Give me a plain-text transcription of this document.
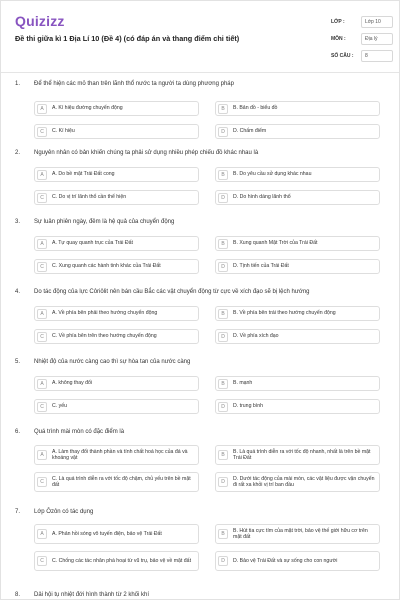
Quizizz
Đề thi giữa kì 1 Địa Lí 10 (Đề 4) (có đáp án và thang điểm chi tiết)
LỚP :	Lớp 10
MÔN :	Địa lý
SỐ CÂU :	8
1. Để thể hiện các mỏ than trên lãnh thổ nước ta người ta dùng phương pháp
A	A. Kí hiệu đường chuyển động	B	B. Bản đồ - biểu đồ
C	C. Kí hiệu	D	D. Chấm điểm
2. Nguyên nhân có bản khiến chúng ta phải sử dụng nhiều phép chiếu đồ khác nhau là
A	A. Do bề mặt Trái Đất cong	B	B. Do yêu cầu sử dụng khác nhau
C	C. Do vị trí lãnh thổ cần thể hiện	D	D. Do hình dáng lãnh thổ
3. Sự luân phiên ngày, đêm là hệ quả của chuyển động
A	A. Tự quay quanh trục của Trái Đất	B	B. Xung quanh Mặt Trời của Trái Đất
C	C. Xung quanh các hành tinh khác của Trái Đất	D	D. Tịnh tiến của Trái Đất
4. Do tác động của lực Côriôlit nên bán cầu Bắc các vật chuyển động từ cực về xích đạo sẽ bị lệch hướng
A	A. Về phía bên phải theo hướng chuyển động	B	B. Về phía bên trái theo hướng chuyển động
C	C. Về phía bên trên theo hướng chuyển động	D	D. Về phía xích đạo
5. Nhiệt độ của nước càng cao thì sự hòa tan của nước càng
A	A. không thay đổi	B	B. mạnh
C	C. yếu	D	D. trung bình
6. Quá trình mài mòn có đặc điểm là
A
A. Làm thay đổi thành phần và tính chất hoá học của đá và khoáng vật	B
B. Là quá trình diễn ra với tốc độ nhanh, nhất là trên bề mặt Trái Đất
C
C. Là quá trình diễn ra với tốc độ chậm, chủ yếu trên bề mặt đất	D
D. Dưới tác động của mài mòn, các vật liệu được vận chuyển đi rất xa khỏi vị trí ban đầu
7. Lớp Ôzôn có tác dụng
A	A. Phản hồi sóng vô tuyến điện, bảo vệ Trái Đất	B
B. Hút tia cực tím của mặt trời, bảo vệ thế giới hữu cơ trên mặt đất
C	C. Chống các tác nhân phá hoại từ vũ trụ, bảo vệ về mặt đất	D	D. Bảo vệ Trái Đất và sự sống cho con người
8. Dải hội tụ nhiệt đới hình thành từ 2 khối khí
